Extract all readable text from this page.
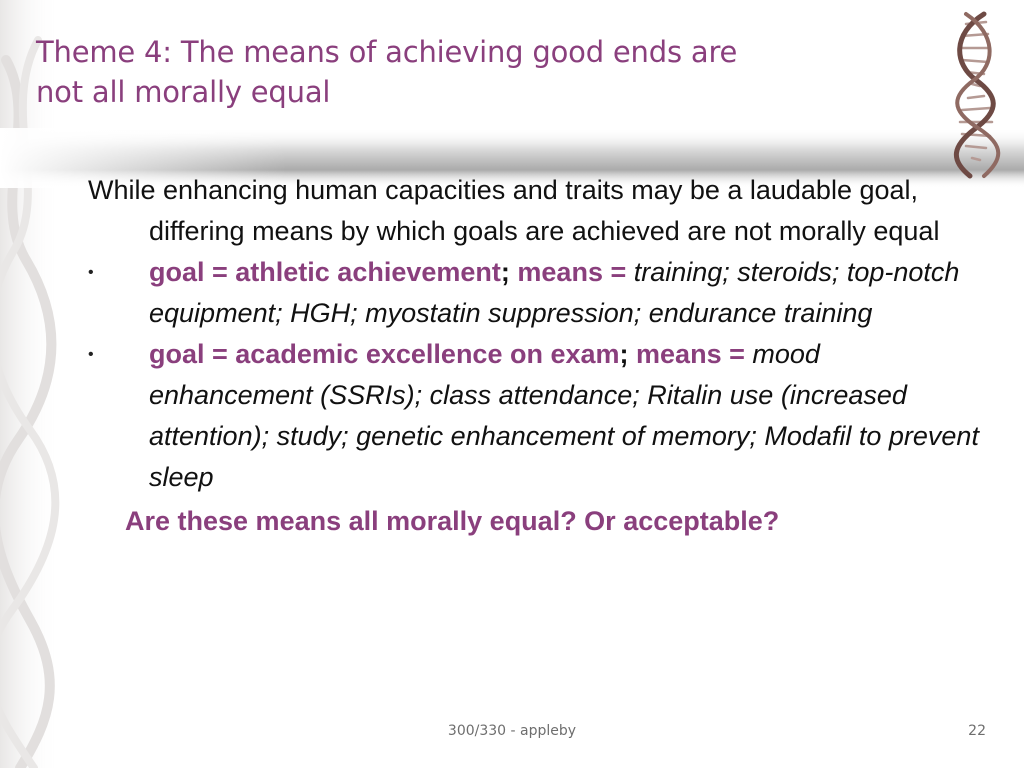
Theme 4: The means of achieving good ends are
not all morally equal

While enhancing human capacities and traits may be a laudable goal, differing means by which goals are achieved are not morally equal

• goal = athletic achievement; means = training; steroids; top-notch equipment; HGH; myostatin suppression; endurance training

• goal = academic excellence on exam; means = mood enhancement (SSRIs); class attendance; Ritalin use (increased attention); study; genetic enhancement of memory; Modafil to prevent sleep

Are these means all morally equal? Or acceptable?

300/330 - appleby	22
